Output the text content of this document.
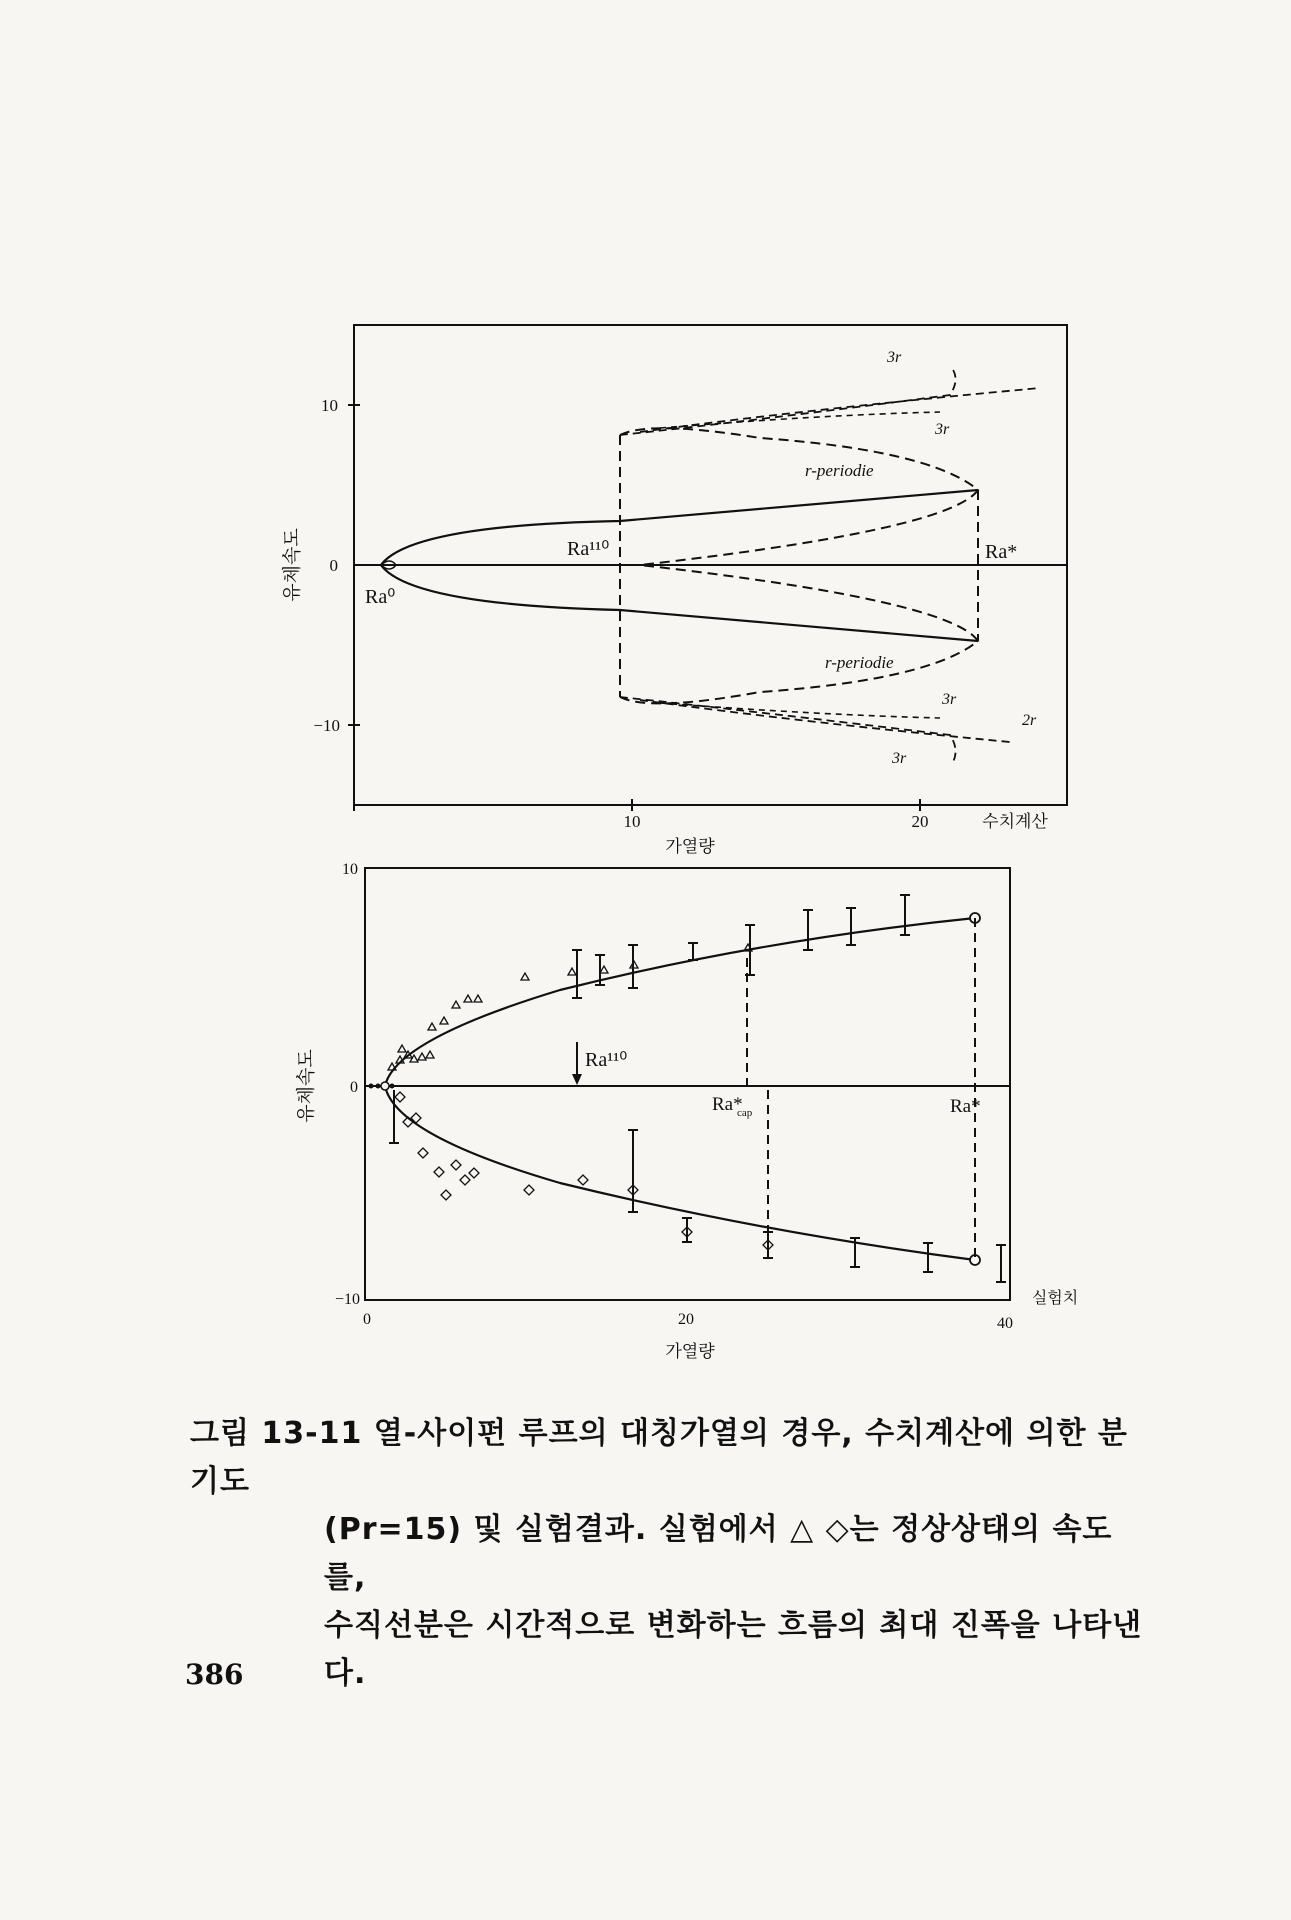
10
0
−10
10	20	수치계산
가열량
유체속도	Ra⁰
Ra¹¹⁰	Ra*
r-periodie
r-periodie
3r
3r
3r
2r
3r
10
0
−10
0	20	40
실험치
가열량
유체속도	Ra¹¹⁰
Ra*
cap	Ra*
그림 13-11 열-사이펀 루프의 대칭가열의 경우, 수치계산에 의한 분기도
(Pr=15) 및 실험결과. 실험에서 △ ◇는 정상상태의 속도를,
수직선분은 시간적으로 변화하는 흐름의 최대 진폭을 나타낸다.
386
